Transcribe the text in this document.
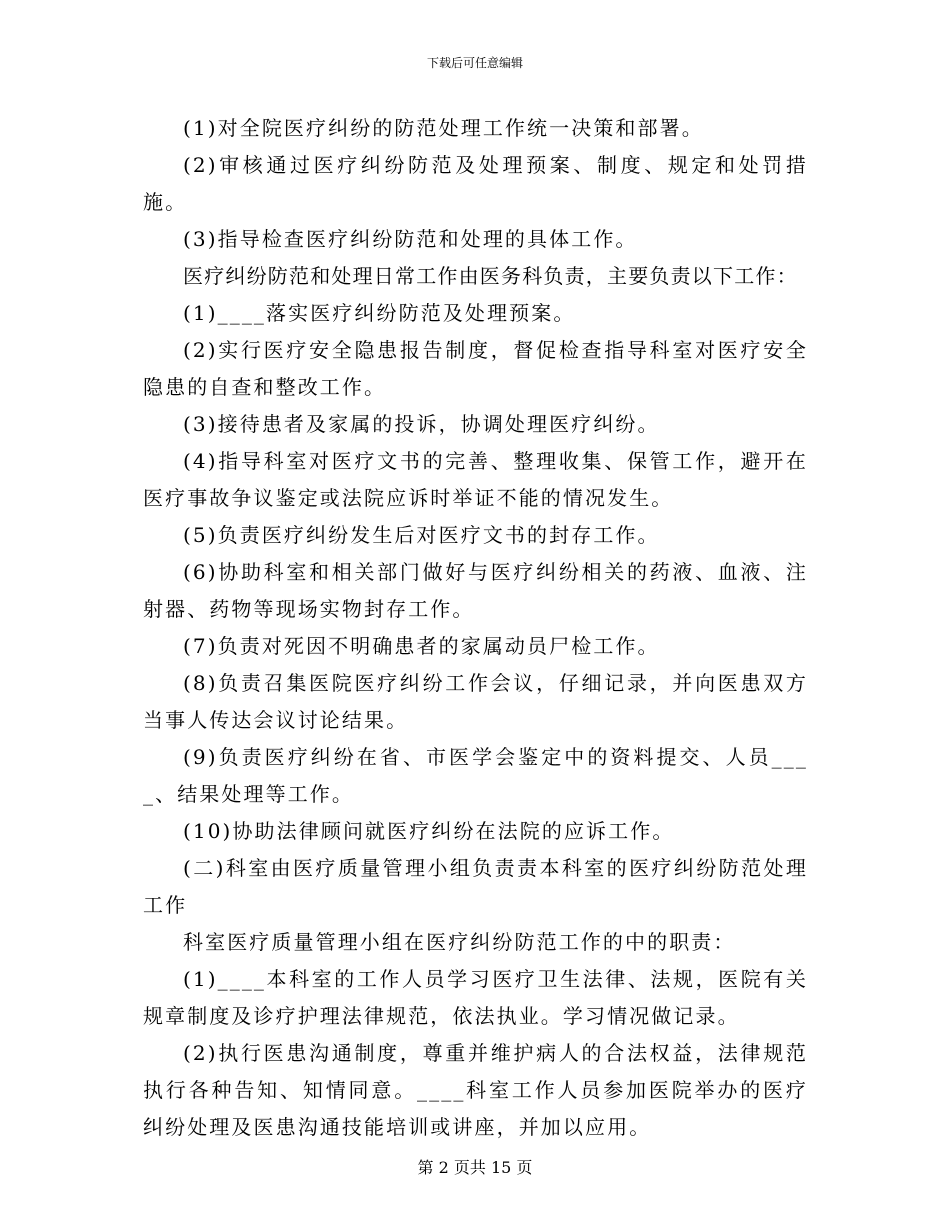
下载后可任意编辑

(1)对全院医疗纠纷的防范处理工作统一决策和部署。

(2)审核通过医疗纠纷防范及处理预案、制度、规定和处罚措施。

(3)指导检查医疗纠纷防范和处理的具体工作。

医疗纠纷防范和处理日常工作由医务科负责，主要负责以下工作：

(1)____落实医疗纠纷防范及处理预案。

(2)实行医疗安全隐患报告制度，督促检查指导科室对医疗安全隐患的自查和整改工作。

(3)接待患者及家属的投诉，协调处理医疗纠纷。

(4)指导科室对医疗文书的完善、整理收集、保管工作，避开在医疗事故争议鉴定或法院应诉时举证不能的情况发生。

(5)负责医疗纠纷发生后对医疗文书的封存工作。

(6)协助科室和相关部门做好与医疗纠纷相关的药液、血液、注射器、药物等现场实物封存工作。

(7)负责对死因不明确患者的家属动员尸检工作。

(8)负责召集医院医疗纠纷工作会议，仔细记录，并向医患双方当事人传达会议讨论结果。

(9)负责医疗纠纷在省、市医学会鉴定中的资料提交、人员____、结果处理等工作。

(10)协助法律顾问就医疗纠纷在法院的应诉工作。

(二)科室由医疗质量管理小组负责责本科室的医疗纠纷防范处理工作

科室医疗质量管理小组在医疗纠纷防范工作的中的职责：

(1)____本科室的工作人员学习医疗卫生法律、法规，医院有关规章制度及诊疗护理法律规范，依法执业。学习情况做记录。

(2)执行医患沟通制度，尊重并维护病人的合法权益，法律规范执行各种告知、知情同意。____科室工作人员参加医院举办的医疗纠纷处理及医患沟通技能培训或讲座，并加以应用。

第 2 页共 15 页
